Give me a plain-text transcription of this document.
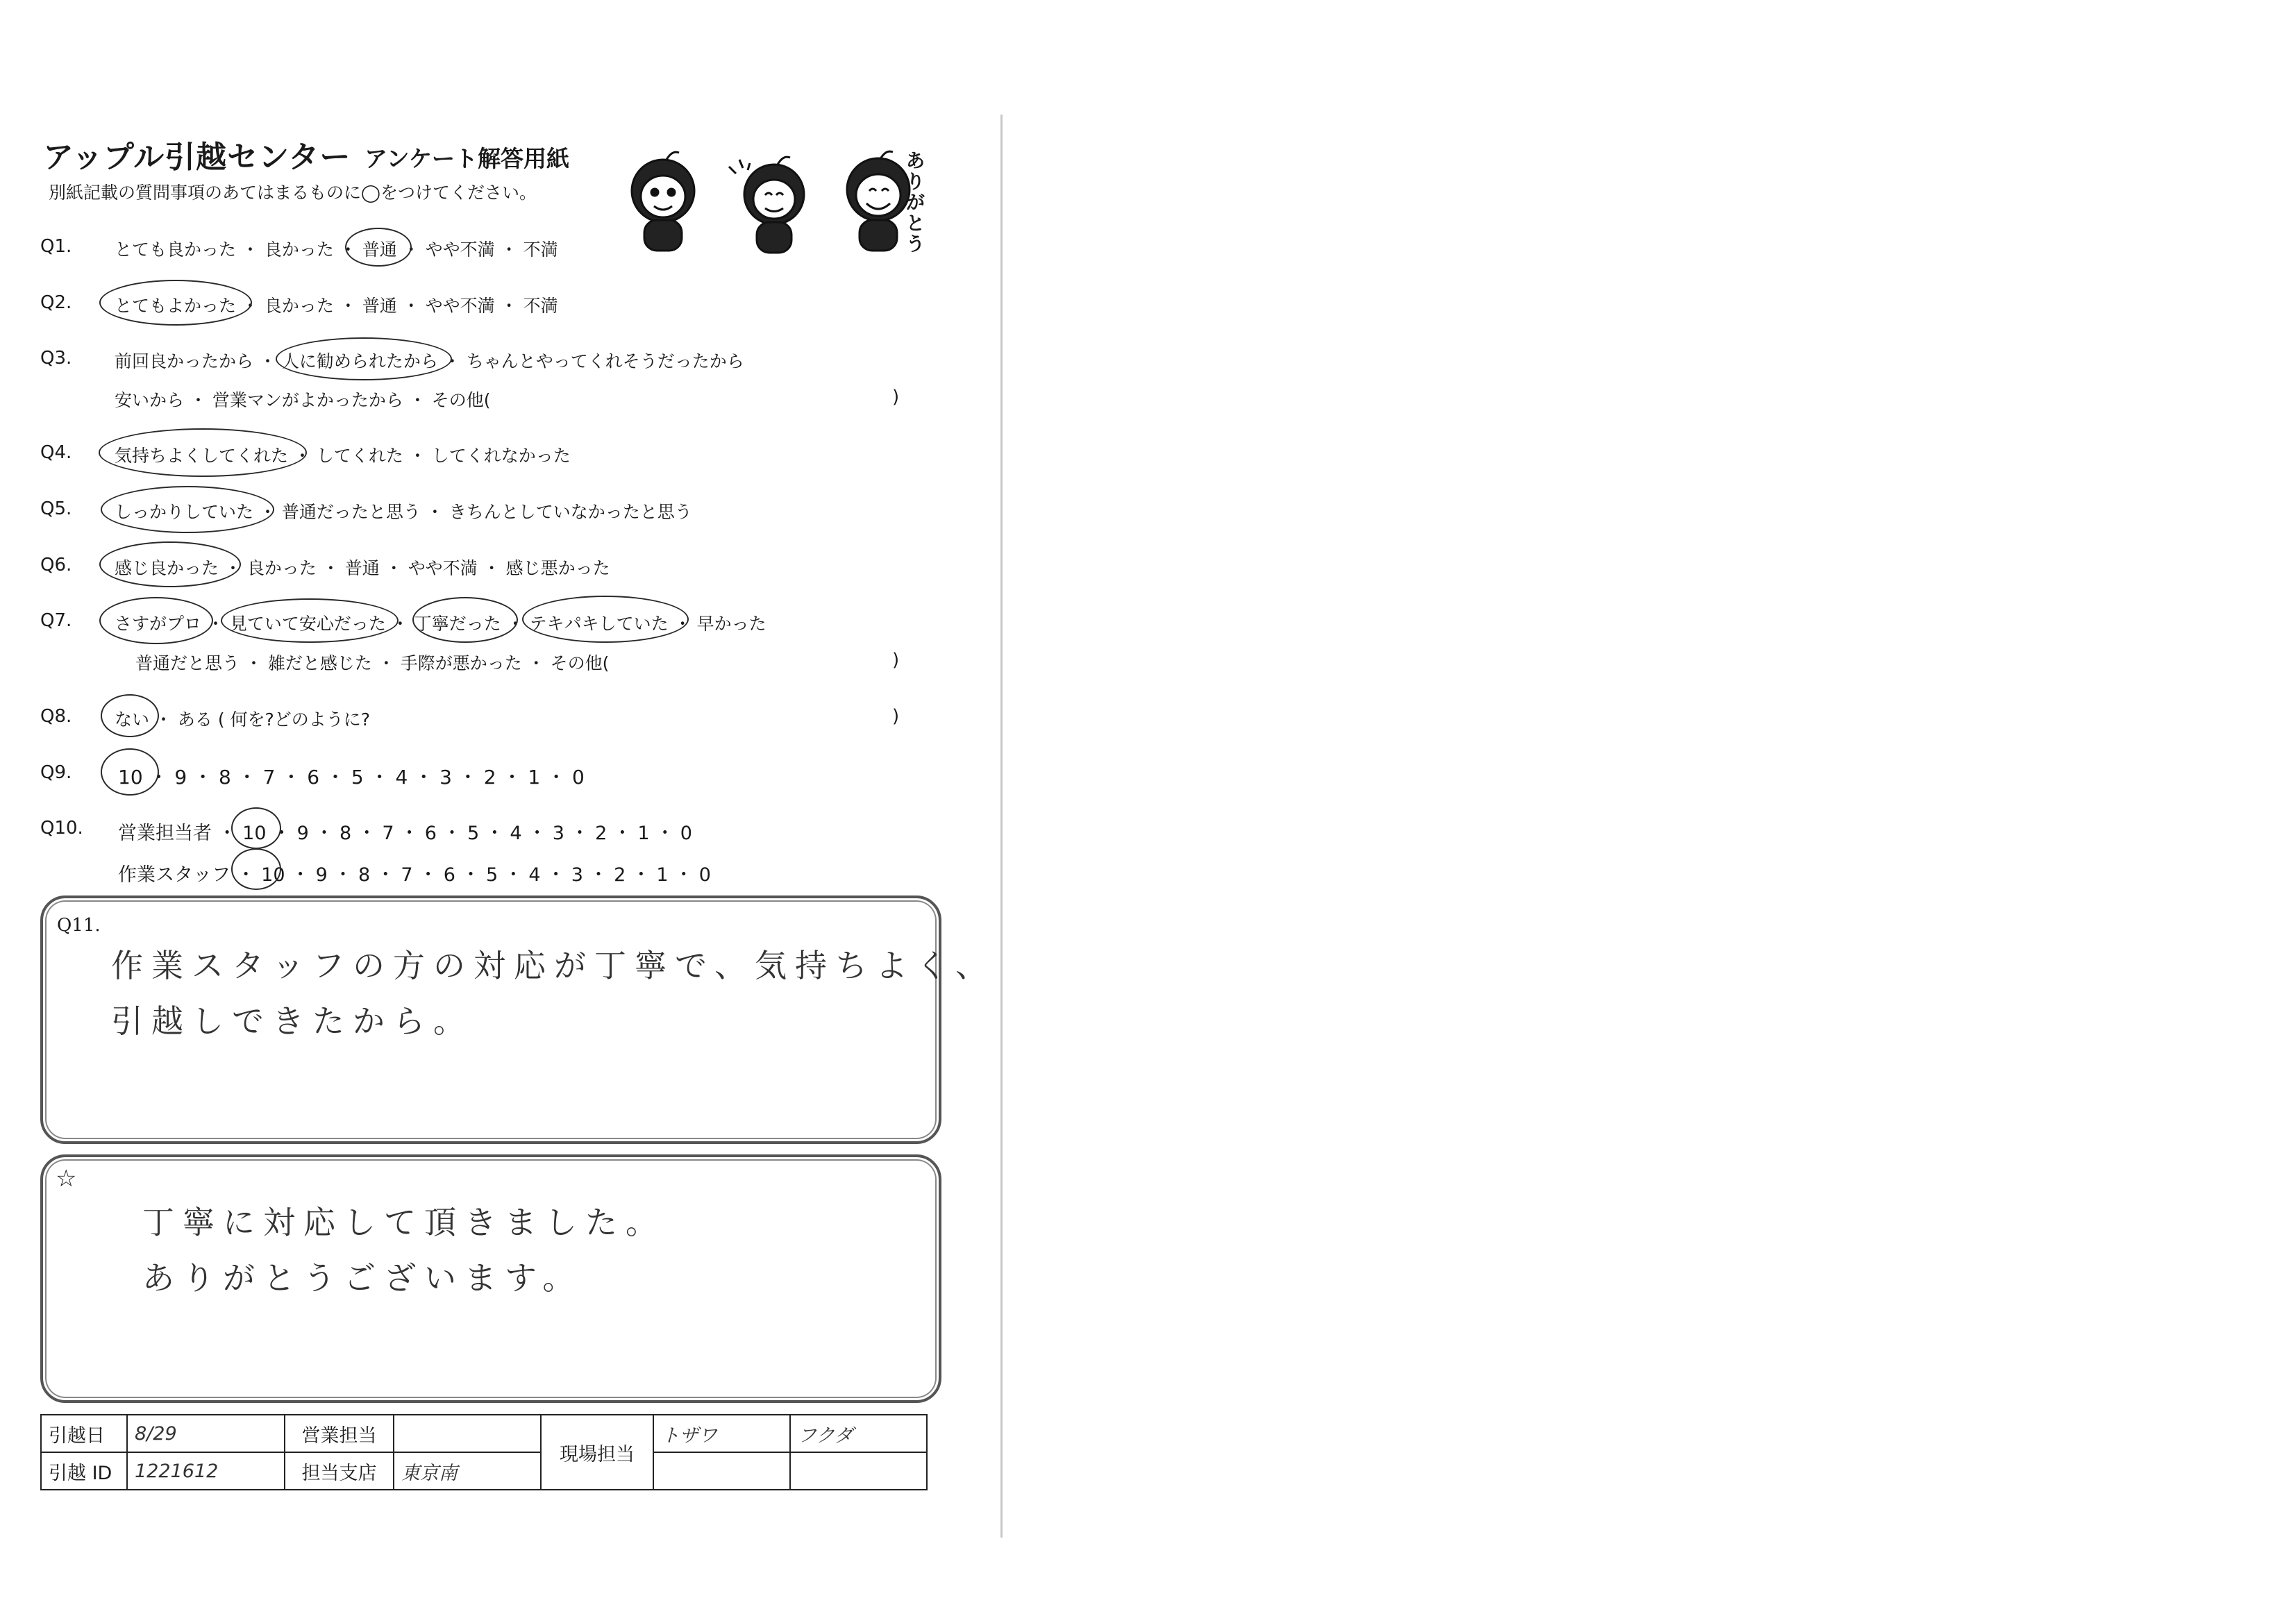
アップル引越センター アンケート解答用紙
別紙記載の質問事項のあてはまるものに◯をつけてください。
ありがとう
Q1. とても良かった ・ 良かった ・ 普通 ・ やや不満 ・ 不満
Q2. とてもよかった ・ 良かった ・ 普通 ・ やや不満 ・ 不満
Q3. 前回良かったから ・ 人に勧められたから ・ ちゃんとやってくれそうだったから
安いから ・ 営業マンがよかったから ・ その他(	)
Q4. 気持ちよくしてくれた ・ してくれた ・ してくれなかった
Q5. しっかりしていた ・ 普通だったと思う ・ きちんとしていなかったと思う
Q6. 感じ良かった ・ 良かった ・ 普通 ・ やや不満 ・ 感じ悪かった
Q7. さすがプロ ・ 見ていて安心だった ・ 丁寧だった ・ テキパキしていた ・ 早かった
普通だと思う ・ 雑だと感じた ・ 手際が悪かった ・ その他(	)
Q8. ない ・ ある ( 何を?どのように?	)
Q9. 10 ・ 9 ・ 8 ・ 7 ・ 6 ・ 5 ・ 4 ・ 3 ・ 2 ・ 1 ・ 0
Q10. 営業担当者 ・ 10 ・ 9 ・ 8 ・ 7 ・ 6 ・ 5 ・ 4 ・ 3 ・ 2 ・ 1 ・ 0
作業スタッフ ・ 10 ・ 9 ・ 8 ・ 7 ・ 6 ・ 5 ・ 4 ・ 3 ・ 2 ・ 1 ・ 0
Q11.
作業スタッフの方の対応が丁寧で、気持ちよく、
引越しできたから。
☆
丁寧に対応して頂きました。
ありがとうございます。
引越日	8/29	営業担当		現場担当	トザワ	フクダ
引越 ID	1221612	担当支店	東京南			
